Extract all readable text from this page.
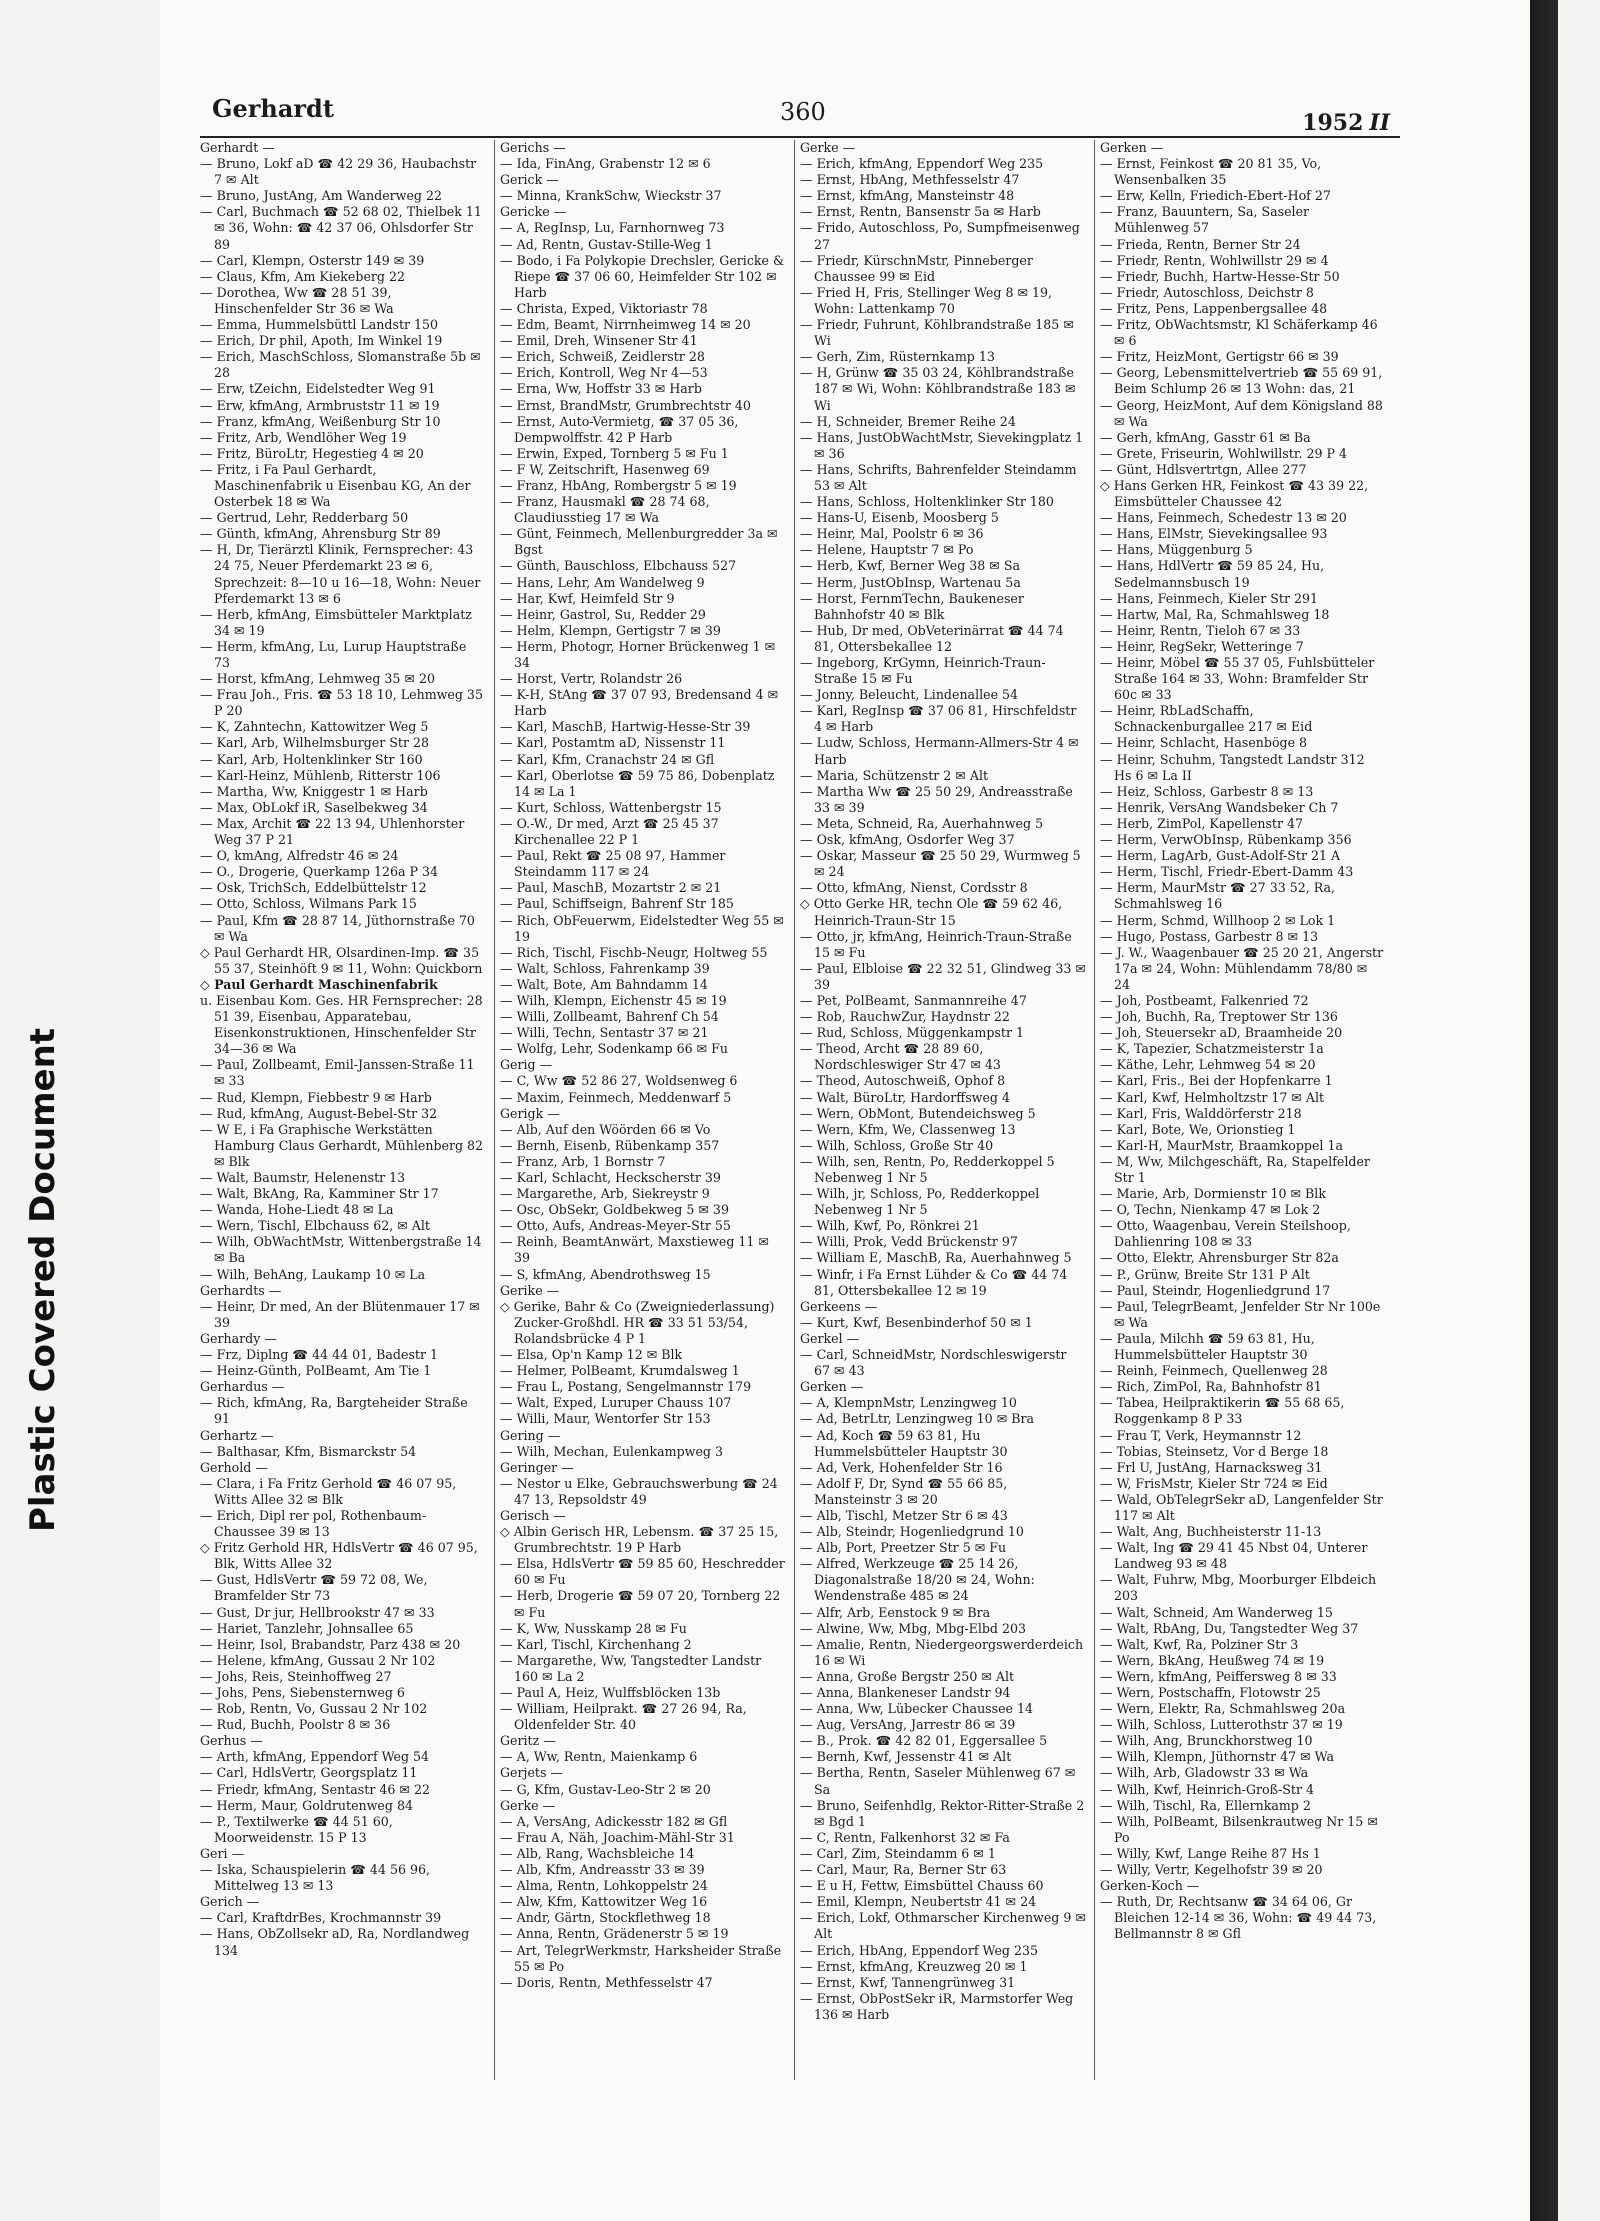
Plastic Covered Document
Gerhardt	360	1952 II

Gerhardt —

— Bruno, Lokf aD ☎ 42 29 36, Haubachstr 7 ✉ Alt

— Bruno, JustAng, Am Wanderweg 22

— Carl, Buchmach ☎ 52 68 02, Thielbek 11 ✉ 36, Wohn: ☎ 42 37 06, Ohlsdorfer Str 89

— Carl, Klempn, Osterstr 149 ✉ 39

— Claus, Kfm, Am Kiekeberg 22

— Dorothea, Ww ☎ 28 51 39, Hinschenfelder Str 36 ✉ Wa

— Emma, Hummelsbüttl Landstr 150

— Erich, Dr phil, Apoth, Im Winkel 19

— Erich, MaschSchloss, Slomanstraße 5b ✉ 28

— Erw, tZeichn, Eidelstedter Weg 91

— Erw, kfmAng, Armbruststr 11 ✉ 19

— Franz, kfmAng, Weißenburg Str 10

— Fritz, Arb, Wendlöher Weg 19

— Fritz, BüroLtr, Hegestieg 4 ✉ 20

— Fritz, i Fa Paul Gerhardt, Maschinenfabrik u Eisenbau KG, An der Osterbek 18 ✉ Wa

— Gertrud, Lehr, Redderbarg 50

— Günth, kfmAng, Ahrensburg Str 89

— H, Dr, Tierärztl Klinik, Fernsprecher: 43 24 75, Neuer Pferdemarkt 23 ✉ 6, Sprechzeit: 8—10 u 16—18, Wohn: Neuer Pferdemarkt 13 ✉ 6

— Herb, kfmAng, Eimsbütteler Marktplatz 34 ✉ 19

— Herm, kfmAng, Lu, Lurup Hauptstraße 73

— Horst, kfmAng, Lehmweg 35 ✉ 20

— Frau Joh., Fris. ☎ 53 18 10, Lehmweg 35 P 20

— K, Zahntechn, Kattowitzer Weg 5

— Karl, Arb, Wilhelmsburger Str 28

— Karl, Arb, Holtenklinker Str 160

— Karl-Heinz, Mühlenb, Ritterstr 106

— Martha, Ww, Kniggestr 1 ✉ Harb

— Max, ObLokf iR, Saselbekweg 34

— Max, Archit ☎ 22 13 94, Uhlenhorster Weg 37 P 21

— O, kmAng, Alfredstr 46 ✉ 24

— O., Drogerie, Querkamp 126a P 34

— Osk, TrichSch, Eddelbüttelstr 12

— Otto, Schloss, Wilmans Park 15

— Paul, Kfm ☎ 28 87 14, Jüthornstraße 70 ✉ Wa

◇ Paul Gerhardt HR, Olsardinen-Imp. ☎ 35 55 37, Steinhöft 9 ✉ 11, Wohn: Quickborn

◇ Paul Gerhardt Maschinenfabrik

u. Eisenbau Kom. Ges. HR Fernsprecher: 28 51 39, Eisenbau, Apparatebau, Eisenkonstruktionen, Hinschenfelder Str 34—36 ✉ Wa

— Paul, Zollbeamt, Emil-Janssen-Straße 11 ✉ 33

— Rud, Klempn, Fiebbestr 9 ✉ Harb

— Rud, kfmAng, August-Bebel-Str 32

— W E, i Fa Graphische Werkstätten Hamburg Claus Gerhardt, Mühlenberg 82 ✉ Blk

— Walt, Baumstr, Helenenstr 13

— Walt, BkAng, Ra, Kamminer Str 17

— Wanda, Hohe-Liedt 48 ✉ La

— Wern, Tischl, Elbchauss 62, ✉ Alt

— Wilh, ObWachtMstr, Wittenbergstraße 14 ✉ Ba

— Wilh, BehAng, Laukamp 10 ✉ La

Gerhardts —

— Heinr, Dr med, An der Blütenmauer 17 ✉ 39

Gerhardy —

— Frz, Diplng ☎ 44 44 01, Badestr 1

— Heinz-Günth, PolBeamt, Am Tie 1

Gerhardus —

— Rich, kfmAng, Ra, Bargteheider Straße 91

Gerhartz —

— Balthasar, Kfm, Bismarckstr 54

Gerhold —

— Clara, i Fa Fritz Gerhold ☎ 46 07 95, Witts Allee 32 ✉ Blk

— Erich, Dipl rer pol, Rothenbaum-Chaussee 39 ✉ 13

◇ Fritz Gerhold HR, HdlsVertr ☎ 46 07 95, Blk, Witts Allee 32

— Gust, HdlsVertr ☎ 59 72 08, We, Bramfelder Str 73

— Gust, Dr jur, Hellbrookstr 47 ✉ 33

— Hariet, Tanzlehr, Johnsallee 65

— Heinr, Isol, Brabandstr, Parz 438 ✉ 20

— Helene, kfmAng, Gussau 2 Nr 102

— Johs, Reis, Steinhoffweg 27

— Johs, Pens, Siebensternweg 6

— Rob, Rentn, Vo, Gussau 2 Nr 102

— Rud, Buchh, Poolstr 8 ✉ 36

Gerhus —

— Arth, kfmAng, Eppendorf Weg 54

— Carl, HdlsVertr, Georgsplatz 11

— Friedr, kfmAng, Sentastr 46 ✉ 22

— Herm, Maur, Goldrutenweg 84

— P., Textilwerke ☎ 44 51 60, Moorweidenstr. 15 P 13

Geri —

— Iska, Schauspielerin ☎ 44 56 96, Mittelweg 13 ✉ 13

Gerich —

— Carl, KraftdrBes, Krochmannstr 39

— Hans, ObZollsekr aD, Ra, Nordlandweg 134

Gerichs —

— Ida, FinAng, Grabenstr 12 ✉ 6

Gerick —

— Minna, KrankSchw, Wieckstr 37

Gericke —

— A, RegInsp, Lu, Farnhornweg 73

— Ad, Rentn, Gustav-Stille-Weg 1

— Bodo, i Fa Polykopie Drechsler, Gericke & Riepe ☎ 37 06 60, Heimfelder Str 102 ✉ Harb

— Christa, Exped, Viktoriastr 78

— Edm, Beamt, Nirrnheimweg 14 ✉ 20

— Emil, Dreh, Winsener Str 41

— Erich, Schweiß, Zeidlerstr 28

— Erich, Kontroll, Weg Nr 4—53

— Erna, Ww, Hoffstr 33 ✉ Harb

— Ernst, BrandMstr, Grumbrechtstr 40

— Ernst, Auto-Vermietg, ☎ 37 05 36, Dempwolffstr. 42 P Harb

— Erwin, Exped, Tornberg 5 ✉ Fu 1

— F W, Zeitschrift, Hasenweg 69

— Franz, HbAng, Rombergstr 5 ✉ 19

— Franz, Hausmakl ☎ 28 74 68, Claudiusstieg 17 ✉ Wa

— Günt, Feinmech, Mellenburgredder 3a ✉ Bgst

— Günth, Bauschloss, Elbchauss 527

— Hans, Lehr, Am Wandelweg 9

— Har, Kwf, Heimfeld Str 9

— Heinr, Gastrol, Su, Redder 29

— Helm, Klempn, Gertigstr 7 ✉ 39

— Herm, Photogr, Horner Brückenweg 1 ✉ 34

— Horst, Vertr, Rolandstr 26

— K-H, StAng ☎ 37 07 93, Bredensand 4 ✉ Harb

— Karl, MaschB, Hartwig-Hesse-Str 39

— Karl, Postamtm aD, Nissenstr 11

— Karl, Kfm, Cranachstr 24 ✉ Gfl

— Karl, Oberlotse ☎ 59 75 86, Dobenplatz 14 ✉ La 1

— Kurt, Schloss, Wattenbergstr 15

— O.-W., Dr med, Arzt ☎ 25 45 37 Kirchenallee 22 P 1

— Paul, Rekt ☎ 25 08 97, Hammer Steindamm 117 ✉ 24

— Paul, MaschB, Mozartstr 2 ✉ 21

— Paul, Schiffseign, Bahrenf Str 185

— Rich, ObFeuerwm, Eidelstedter Weg 55 ✉ 19

— Rich, Tischl, Fischb-Neugr, Holtweg 55

— Walt, Schloss, Fahrenkamp 39

— Walt, Bote, Am Bahndamm 14

— Wilh, Klempn, Eichenstr 45 ✉ 19

— Willi, Zollbeamt, Bahrenf Ch 54

— Willi, Techn, Sentastr 37 ✉ 21

— Wolfg, Lehr, Sodenkamp 66 ✉ Fu

Gerig —

— C, Ww ☎ 52 86 27, Woldsenweg 6

— Maxim, Feinmech, Meddenwarf 5

Gerigk —

— Alb, Auf den Wöörden 66 ✉ Vo

— Bernh, Eisenb, Rübenkamp 357

— Franz, Arb, 1 Bornstr 7

— Karl, Schlacht, Heckscherstr 39

— Margarethe, Arb, Siekreystr 9

— Osc, ObSekr, Goldbekweg 5 ✉ 39

— Otto, Aufs, Andreas-Meyer-Str 55

— Reinh, BeamtAnwärt, Maxstieweg 11 ✉ 39

— S, kfmAng, Abendrothsweg 15

Gerike —

◇ Gerike, Bahr & Co (Zweigniederlassung) Zucker-Großhdl. HR ☎ 33 51 53/54, Rolandsbrücke 4 P 1

— Elsa, Op'n Kamp 12 ✉ Blk

— Helmer, PolBeamt, Krumdalsweg 1

— Frau L, Postang, Sengelmannstr 179

— Walt, Exped, Luruper Chauss 107

— Willi, Maur, Wentorfer Str 153

Gering —

— Wilh, Mechan, Eulenkampweg 3

Geringer —

— Nestor u Elke, Gebrauchswerbung ☎ 24 47 13, Repsoldstr 49

Gerisch —

◇ Albin Gerisch HR, Lebensm. ☎ 37 25 15, Grumbrechtstr. 19 P Harb

— Elsa, HdlsVertr ☎ 59 85 60, Heschredder 60 ✉ Fu

— Herb, Drogerie ☎ 59 07 20, Tornberg 22 ✉ Fu

— K, Ww, Nusskamp 28 ✉ Fu

— Karl, Tischl, Kirchenhang 2

— Margarethe, Ww, Tangstedter Landstr 160 ✉ La 2

— Paul A, Heiz, Wulffsblöcken 13b

— William, Heilprakt. ☎ 27 26 94, Ra, Oldenfelder Str. 40

Geritz —

— A, Ww, Rentn, Maienkamp 6

Gerjets —

— G, Kfm, Gustav-Leo-Str 2 ✉ 20

Gerke —

— A, VersAng, Adickesstr 182 ✉ Gfl

— Frau A, Näh, Joachim-Mähl-Str 31

— Alb, Rang, Wachsbleiche 14

— Alb, Kfm, Andreasstr 33 ✉ 39

— Alma, Rentn, Lohkoppelstr 24

— Alw, Kfm, Kattowitzer Weg 16

— Andr, Gärtn, Stockflethweg 18

— Anna, Rentn, Grädenerstr 5 ✉ 19

— Art, TelegrWerkmstr, Harksheider Straße 55 ✉ Po

— Doris, Rentn, Methfesselstr 47

Gerke —

— Erich, kfmAng, Eppendorf Weg 235

— Ernst, HbAng, Methfesselstr 47

— Ernst, kfmAng, Mansteinstr 48

— Ernst, Rentn, Bansenstr 5a ✉ Harb

— Frido, Autoschloss, Po, Sumpfmeisenweg 27

— Friedr, KürschnMstr, Pinneberger Chaussee 99 ✉ Eid

— Fried H, Fris, Stellinger Weg 8 ✉ 19, Wohn: Lattenkamp 70

— Friedr, Fuhrunt, Köhlbrandstraße 185 ✉ Wi

— Gerh, Zim, Rüsternkamp 13

— H, Grünw ☎ 35 03 24, Köhlbrandstraße 187 ✉ Wi, Wohn: Köhlbrandstraße 183 ✉ Wi

— H, Schneider, Bremer Reihe 24

— Hans, JustObWachtMstr, Sievekingplatz 1 ✉ 36

— Hans, Schrifts, Bahrenfelder Steindamm 53 ✉ Alt

— Hans, Schloss, Holtenklinker Str 180

— Hans-U, Eisenb, Moosberg 5

— Heinr, Mal, Poolstr 6 ✉ 36

— Helene, Hauptstr 7 ✉ Po

— Herb, Kwf, Berner Weg 38 ✉ Sa

— Herm, JustObInsp, Wartenau 5a

— Horst, FernmTechn, Baukeneser Bahnhofstr 40 ✉ Blk

— Hub, Dr med, ObVeterinärrat ☎ 44 74 81, Ottersbekallee 12

— Ingeborg, KrGymn, Heinrich-Traun-Straße 15 ✉ Fu

— Jonny, Beleucht, Lindenallee 54

— Karl, RegInsp ☎ 37 06 81, Hirschfeldstr 4 ✉ Harb

— Ludw, Schloss, Hermann-Allmers-Str 4 ✉ Harb

— Maria, Schützenstr 2 ✉ Alt

— Martha Ww ☎ 25 50 29, Andreasstraße 33 ✉ 39

— Meta, Schneid, Ra, Auerhahnweg 5

— Osk, kfmAng, Osdorfer Weg 37

— Oskar, Masseur ☎ 25 50 29, Wurmweg 5 ✉ 24

— Otto, kfmAng, Nienst, Cordsstr 8

◇ Otto Gerke HR, techn Ole ☎ 59 62 46, Heinrich-Traun-Str 15

— Otto, jr, kfmAng, Heinrich-Traun-Straße 15 ✉ Fu

— Paul, Elbloise ☎ 22 32 51, Glindweg 33 ✉ 39

— Pet, PolBeamt, Sanmannreihe 47

— Rob, RauchwZur, Haydnstr 22

— Rud, Schloss, Müggenkampstr 1

— Theod, Archt ☎ 28 89 60, Nordschleswiger Str 47 ✉ 43

— Theod, Autoschweiß, Ophof 8

— Walt, BüroLtr, Hardorffsweg 4

— Wern, ObMont, Butendeichsweg 5

— Wern, Kfm, We, Classenweg 13

— Wilh, Schloss, Große Str 40

— Wilh, sen, Rentn, Po, Redderkoppel 5 Nebenweg 1 Nr 5

— Wilh, jr, Schloss, Po, Redderkoppel Nebenweg 1 Nr 5

— Wilh, Kwf, Po, Rönkrei 21

— Willi, Prok, Vedd Brückenstr 97

— William E, MaschB, Ra, Auerhahnweg 5

— Winfr, i Fa Ernst Lühder & Co ☎ 44 74 81, Ottersbekallee 12 ✉ 19

Gerkeens —

— Kurt, Kwf, Besenbinderhof 50 ✉ 1

Gerkel —

— Carl, SchneidMstr, Nordschleswigerstr 67 ✉ 43

Gerken —

— A, KlempnMstr, Lenzingweg 10

— Ad, BetrLtr, Lenzingweg 10 ✉ Bra

— Ad, Koch ☎ 59 63 81, Hu Hummelsbütteler Hauptstr 30

— Ad, Verk, Hohenfelder Str 16

— Adolf F, Dr, Synd ☎ 55 66 85, Mansteinstr 3 ✉ 20

— Alb, Tischl, Metzer Str 6 ✉ 43

— Alb, Steindr, Hogenliedgrund 10

— Alb, Port, Preetzer Str 5 ✉ Fu

— Alfred, Werkzeuge ☎ 25 14 26, Diagonalstraße 18/20 ✉ 24, Wohn: Wendenstraße 485 ✉ 24

— Alfr, Arb, Eenstock 9 ✉ Bra

— Alwine, Ww, Mbg, Mbg-Elbd 203

— Amalie, Rentn, Niedergeorgswerderdeich 16 ✉ Wi

— Anna, Große Bergstr 250 ✉ Alt

— Anna, Blankeneser Landstr 94

— Anna, Ww, Lübecker Chaussee 14

— Aug, VersAng, Jarrestr 86 ✉ 39

— B., Prok. ☎ 42 82 01, Eggersallee 5

— Bernh, Kwf, Jessenstr 41 ✉ Alt

— Bertha, Rentn, Saseler Mühlenweg 67 ✉ Sa

— Bruno, Seifenhdlg, Rektor-Ritter-Straße 2 ✉ Bgd 1

— C, Rentn, Falkenhorst 32 ✉ Fa

— Carl, Zim, Steindamm 6 ✉ 1

— Carl, Maur, Ra, Berner Str 63

— E u H, Fettw, Eimsbüttel Chauss 60

— Emil, Klempn, Neubertstr 41 ✉ 24

— Erich, Lokf, Othmarscher Kirchenweg 9 ✉ Alt

— Erich, HbAng, Eppendorf Weg 235

— Ernst, kfmAng, Kreuzweg 20 ✉ 1

— Ernst, Kwf, Tannengrünweg 31

— Ernst, ObPostSekr iR, Marmstorfer Weg 136 ✉ Harb

Gerken —

— Ernst, Feinkost ☎ 20 81 35, Vo, Wensenbalken 35

— Erw, Kelln, Friedich-Ebert-Hof 27

— Franz, Bauuntern, Sa, Saseler Mühlenweg 57

— Frieda, Rentn, Berner Str 24

— Friedr, Rentn, Wohlwillstr 29 ✉ 4

— Friedr, Buchh, Hartw-Hesse-Str 50

— Friedr, Autoschloss, Deichstr 8

— Fritz, Pens, Lappenbergsallee 48

— Fritz, ObWachtsmstr, Kl Schäferkamp 46 ✉ 6

— Fritz, HeizMont, Gertigstr 66 ✉ 39

— Georg, Lebensmittelvertrieb ☎ 55 69 91, Beim Schlump 26 ✉ 13 Wohn: das, 21

— Georg, HeizMont, Auf dem Königsland 88 ✉ Wa

— Gerh, kfmAng, Gasstr 61 ✉ Ba

— Grete, Friseurin, Wohlwillstr. 29 P 4

— Günt, Hdlsvertrtgn, Allee 277

◇ Hans Gerken HR, Feinkost ☎ 43 39 22, Eimsbütteler Chaussee 42

— Hans, Feinmech, Schedestr 13 ✉ 20

— Hans, ElMstr, Sievekingsallee 93

— Hans, Müggenburg 5

— Hans, HdlVertr ☎ 59 85 24, Hu, Sedelmannsbusch 19

— Hans, Feinmech, Kieler Str 291

— Hartw, Mal, Ra, Schmahlsweg 18

— Heinr, Rentn, Tieloh 67 ✉ 33

— Heinr, RegSekr, Wetteringe 7

— Heinr, Möbel ☎ 55 37 05, Fuhlsbütteler Straße 164 ✉ 33, Wohn: Bramfelder Str 60c ✉ 33

— Heinr, RbLadSchaffn, Schnackenburgallee 217 ✉ Eid

— Heinr, Schlacht, Hasenböge 8

— Heinr, Schuhm, Tangstedt Landstr 312 Hs 6 ✉ La II

— Heiz, Schloss, Garbestr 8 ✉ 13

— Henrik, VersAng Wandsbeker Ch 7

— Herb, ZimPol, Kapellenstr 47

— Herm, VerwObInsp, Rübenkamp 356

— Herm, LagArb, Gust-Adolf-Str 21 A

— Herm, Tischl, Friedr-Ebert-Damm 43

— Herm, MaurMstr ☎ 27 33 52, Ra, Schmahlsweg 16

— Herm, Schmd, Willhoop 2 ✉ Lok 1

— Hugo, Postass, Garbestr 8 ✉ 13

— J. W., Waagenbauer ☎ 25 20 21, Angerstr 17a ✉ 24, Wohn: Mühlendamm 78/80 ✉ 24

— Joh, Postbeamt, Falkenried 72

— Joh, Buchh, Ra, Treptower Str 136

— Joh, Steuersekr aD, Braamheide 20

— K, Tapezier, Schatzmeisterstr 1a

— Käthe, Lehr, Lehmweg 54 ✉ 20

— Karl, Fris., Bei der Hopfenkarre 1

— Karl, Kwf, Helmholtzstr 17 ✉ Alt

— Karl, Fris, Walddörferstr 218

— Karl, Bote, We, Orionstieg 1

— Karl-H, MaurMstr, Braamkoppel 1a

— M, Ww, Milchgeschäft, Ra, Stapelfelder Str 1

— Marie, Arb, Dormienstr 10 ✉ Blk

— O, Techn, Nienkamp 47 ✉ Lok 2

— Otto, Waagenbau, Verein Steilshoop, Dahlienring 108 ✉ 33

— Otto, Elektr, Ahrensburger Str 82a

— P., Grünw, Breite Str 131 P Alt

— Paul, Steindr, Hogenliedgrund 17

— Paul, TelegrBeamt, Jenfelder Str Nr 100e ✉ Wa

— Paula, Milchh ☎ 59 63 81, Hu, Hummelsbütteler Hauptstr 30

— Reinh, Feinmech, Quellenweg 28

— Rich, ZimPol, Ra, Bahnhofstr 81

— Tabea, Heilpraktikerin ☎ 55 68 65, Roggenkamp 8 P 33

— Frau T, Verk, Heymannstr 12

— Tobias, Steinsetz, Vor d Berge 18

— Frl U, JustAng, Harnacksweg 31

— W, FrisMstr, Kieler Str 724 ✉ Eid

— Wald, ObTelegrSekr aD, Langenfelder Str 117 ✉ Alt

— Walt, Ang, Buchheisterstr 11-13

— Walt, Ing ☎ 29 41 45 Nbst 04, Unterer Landweg 93 ✉ 48

— Walt, Fuhrw, Mbg, Moorburger Elbdeich 203

— Walt, Schneid, Am Wanderweg 15

— Walt, RbAng, Du, Tangstedter Weg 37

— Walt, Kwf, Ra, Polziner Str 3

— Wern, BkAng, Heußweg 74 ✉ 19

— Wern, kfmAng, Peiffersweg 8 ✉ 33

— Wern, Postschaffn, Flotowstr 25

— Wern, Elektr, Ra, Schmahlsweg 20a

— Wilh, Schloss, Lutterothstr 37 ✉ 19

— Wilh, Ang, Brunckhorstweg 10

— Wilh, Klempn, Jüthornstr 47 ✉ Wa

— Wilh, Arb, Gladowstr 33 ✉ Wa

— Wilh, Kwf, Heinrich-Groß-Str 4

— Wilh, Tischl, Ra, Ellernkamp 2

— Wilh, PolBeamt, Bilsenkrautweg Nr 15 ✉ Po

— Willy, Kwf, Lange Reihe 87 Hs 1

— Willy, Vertr, Kegelhofstr 39 ✉ 20

Gerken-Koch —

— Ruth, Dr, Rechtsanw ☎ 34 64 06, Gr Bleichen 12-14 ✉ 36, Wohn: ☎ 49 44 73, Bellmannstr 8 ✉ Gfl
